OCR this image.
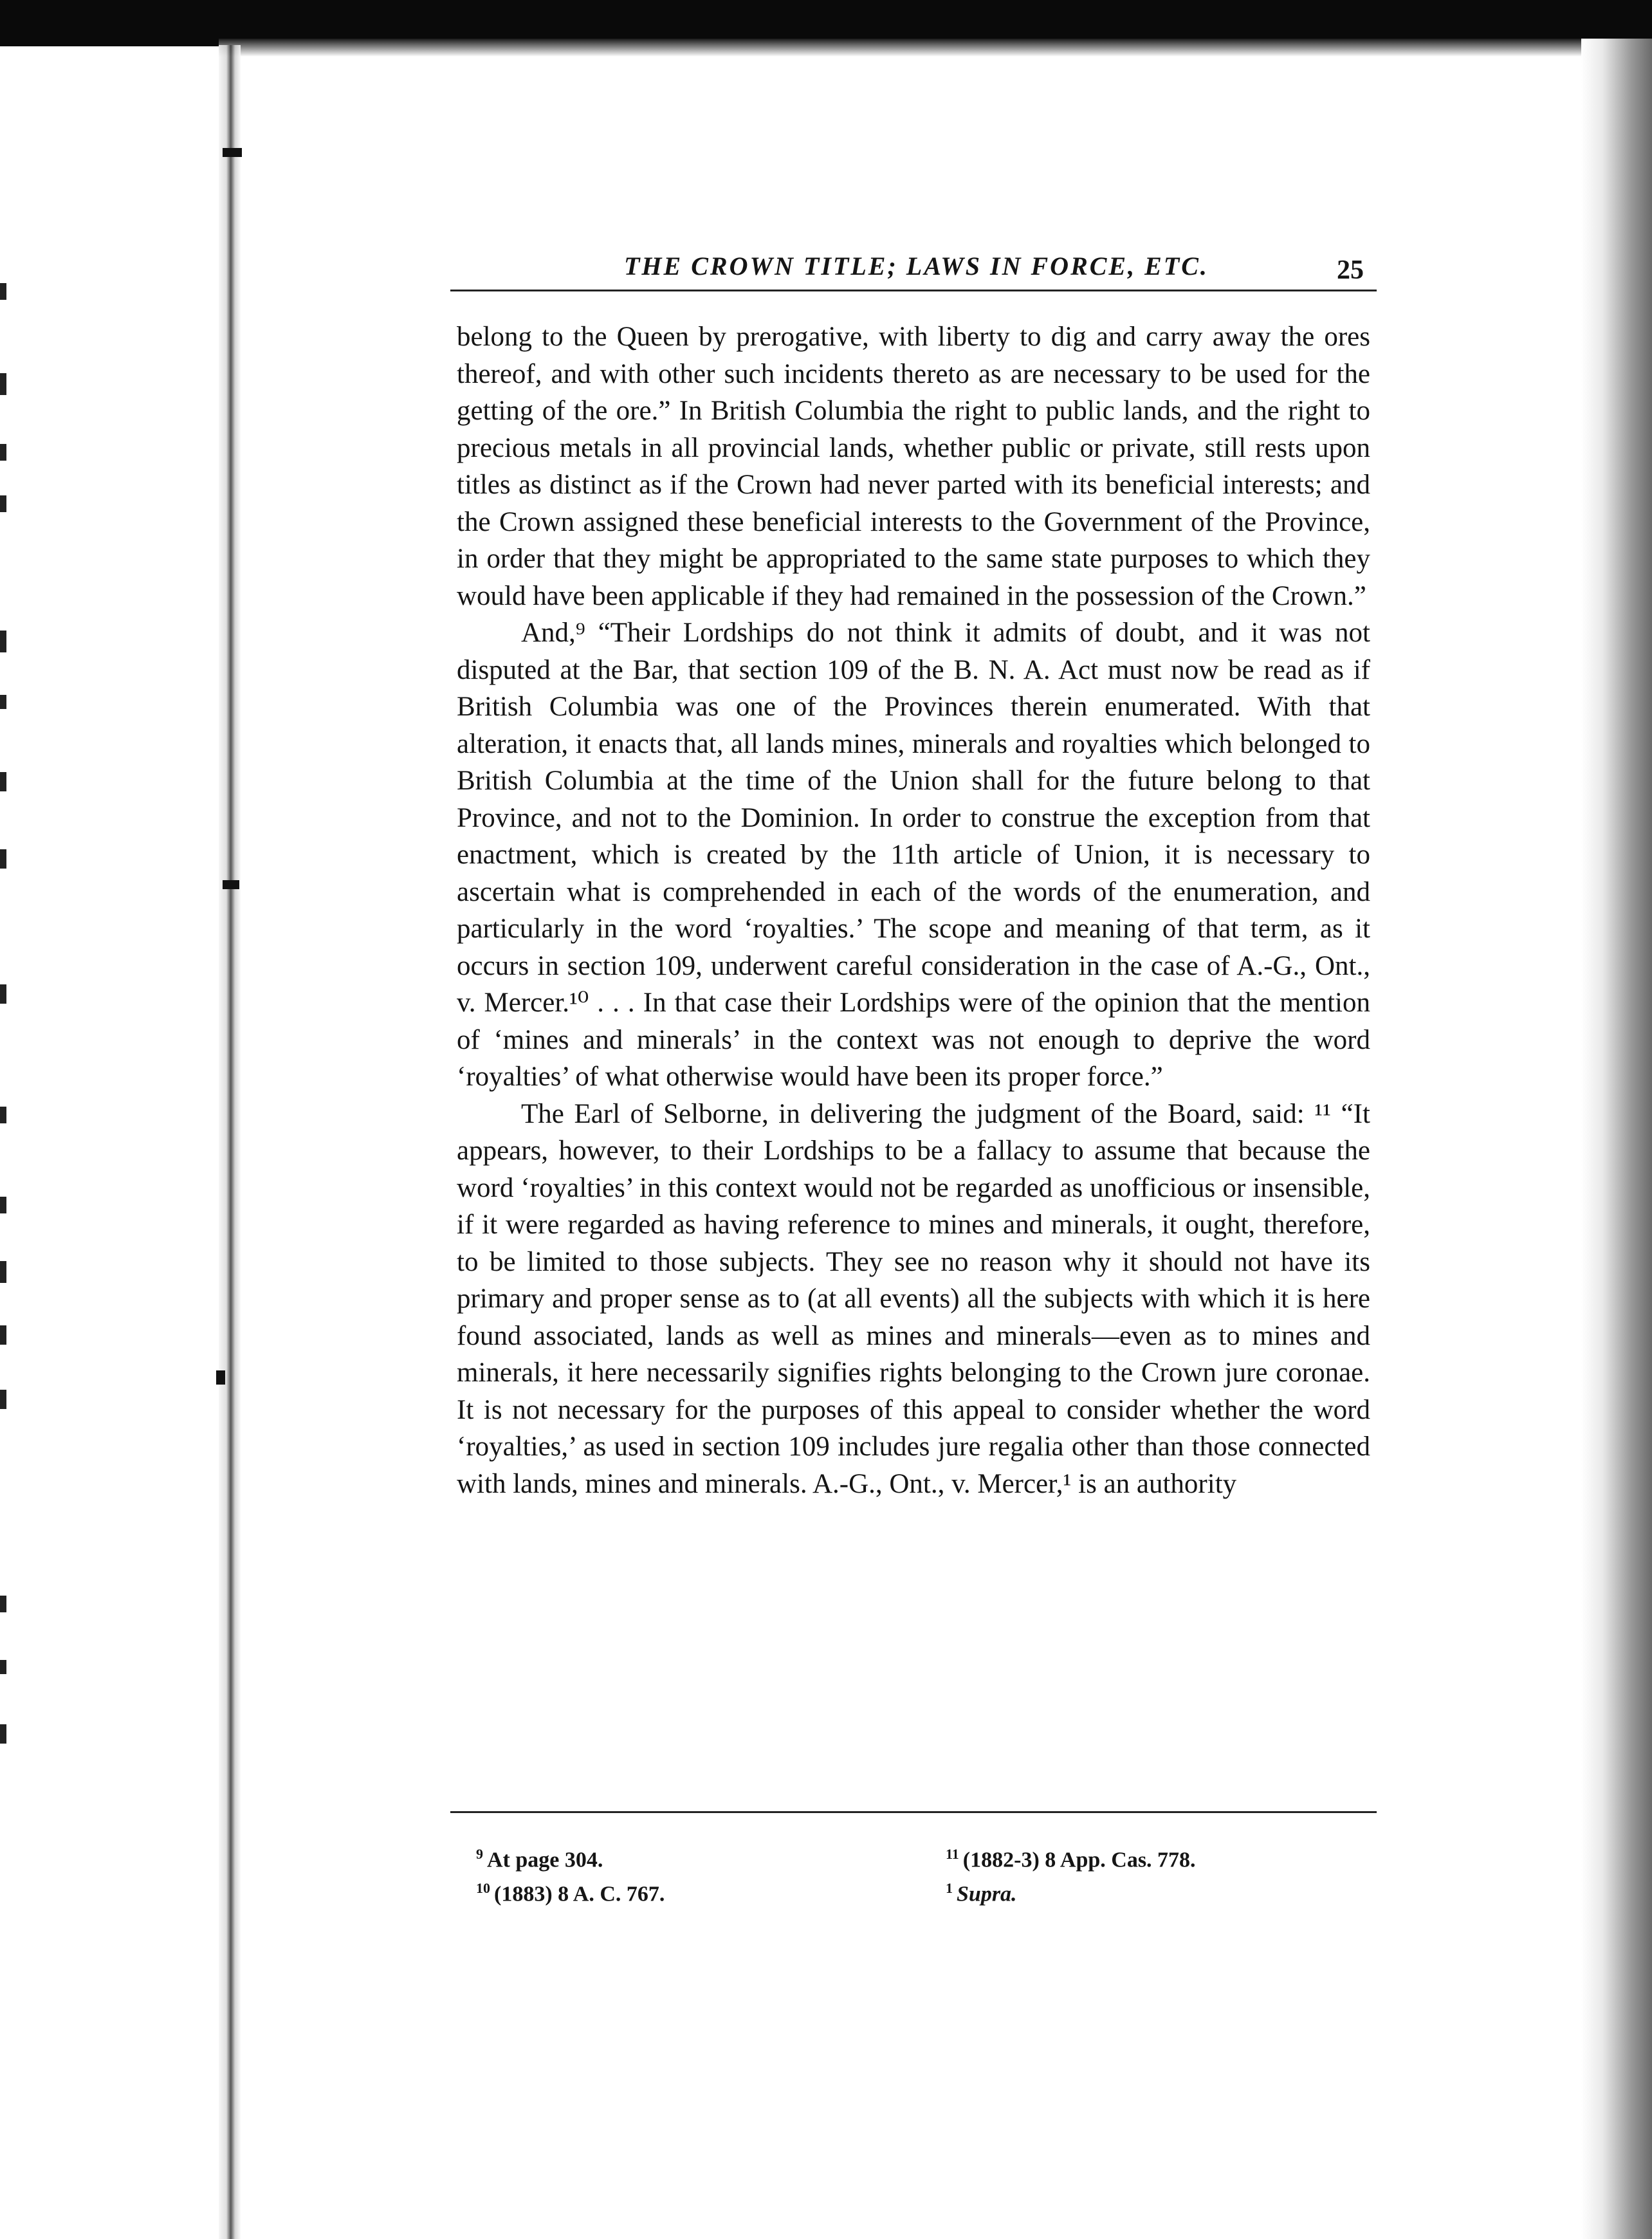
THE CROWN TITLE; LAWS IN FORCE, ETC.	25

belong to the Queen by prerogative, with liberty to dig and carry away the ores thereof, and with other such incidents thereto as are necessary to be used for the getting of the ore.” In British Columbia the right to public lands, and the right to precious metals in all provincial lands, whether public or private, still rests upon titles as distinct as if the Crown had never parted with its beneficial interests; and the Crown assigned these beneficial interests to the Government of the Province, in order that they might be appropriated to the same state purposes to which they would have been applicable if they had remained in the possession of the Crown.”

And,⁹ “Their Lordships do not think it admits of doubt, and it was not disputed at the Bar, that section 109 of the B. N. A. Act must now be read as if British Columbia was one of the Provinces therein enumerated. With that alteration, it enacts that, all lands mines, minerals and royalties which belonged to British Columbia at the time of the Union shall for the future belong to that Province, and not to the Dominion. In order to construe the exception from that enactment, which is created by the 11th article of Union, it is necessary to ascertain what is comprehended in each of the words of the enumeration, and particularly in the word ‘royalties.’ The scope and meaning of that term, as it occurs in section 109, underwent careful consideration in the case of A.-G., Ont., v. Mercer.¹⁰ . . . In that case their Lordships were of the opinion that the mention of ‘mines and minerals’ in the context was not enough to deprive the word ‘royalties’ of what otherwise would have been its proper force.”

The Earl of Selborne, in delivering the judgment of the Board, said: ¹¹ “It appears, however, to their Lordships to be a fallacy to assume that because the word ‘royalties’ in this context would not be regarded as unofficious or insensible, if it were regarded as having reference to mines and minerals, it ought, therefore, to be limited to those subjects. They see no reason why it should not have its primary and proper sense as to (at all events) all the subjects with which it is here found associated, lands as well as mines and minerals—even as to mines and minerals, it here necessarily signifies rights belonging to the Crown jure coronae. It is not necessary for the purposes of this appeal to consider whether the word ‘royalties,’ as used in section 109 includes jure regalia other than those connected with lands, mines and minerals. A.-G., Ont., v. Mercer,¹ is an authority

$^9$ At page 304.
$^{10}$ (1883) 8 A. C. 767.
$^{11}$ (1882-3) 8 App. Cas. 778.
$^1$ Supra.
